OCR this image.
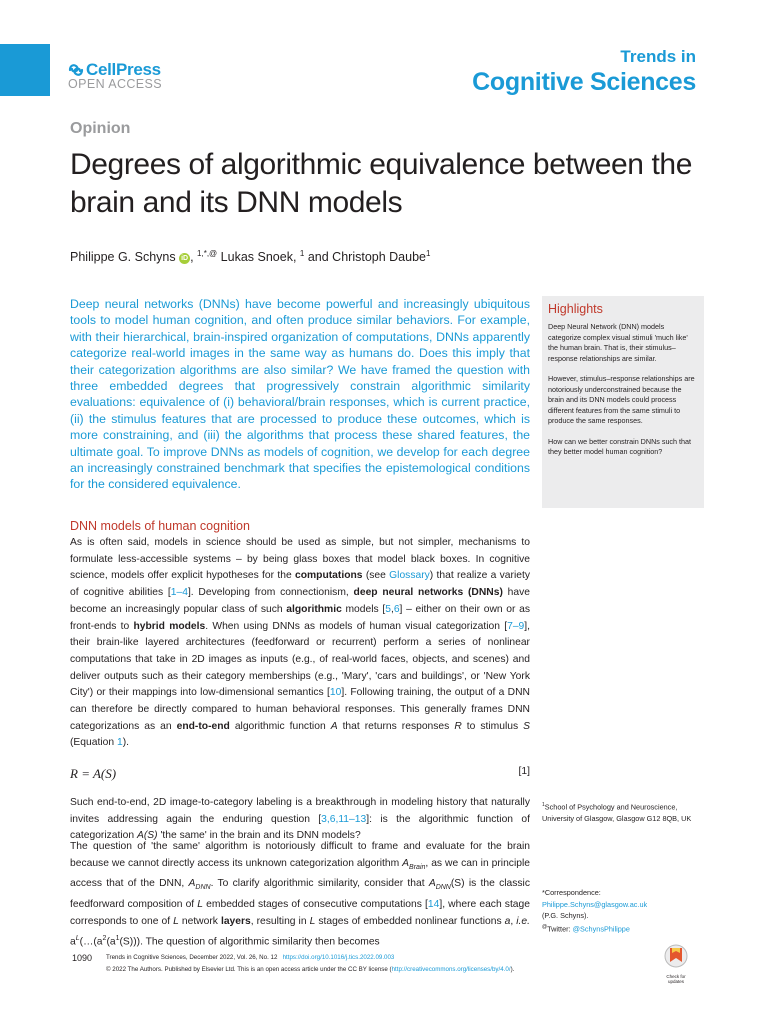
CellPress
OPEN ACCESS
Trends in
Cognitive Sciences
Opinion
Degrees of algorithmic equivalence between the brain and its DNN models
Philippe G. Schyns iD , $^{1,*,@}$ Lukas Snoek, $^1$ and Christoph Daube$^1$
Deep neural networks (DNNs) have become powerful and increasingly ubiquitous tools to model human cognition, and often produce similar behaviors. For example, with their hierarchical, brain-inspired organization of computations, DNNs apparently categorize real-world images in the same way as humans do. Does this imply that their categorization algorithms are also similar? We have framed the question with three embedded degrees that progressively constrain algorithmic similarity evaluations: equivalence of (i) behavioral/brain responses, which is current practice, (ii) the stimulus features that are processed to produce these outcomes, which is more constraining, and (iii) the algorithms that process these shared features, the ultimate goal. To improve DNNs as models of cognition, we develop for each degree an increasingly constrained benchmark that specifies the epistemological conditions for the considered equivalence.
Highlights

Deep Neural Network (DNN) models categorize complex visual stimuli 'much like' the human brain. That is, their stimulus–response relationships are similar.

However, stimulus–response relationships are notoriously underconstrained because the brain and its DNN models could process different features from the same stimuli to produce the same responses.

How can we better constrain DNNs such that they better model human cognition?

DNN models of human cognition
As is often said, models in science should be used as simple, but not simpler, mechanisms to formulate less-accessible systems – by being glass boxes that model black boxes. In cognitive science, models offer explicit hypotheses for the computations (see Glossary) that realize a variety of cognitive abilities [1–4]. Developing from connectionism, deep neural networks (DNNs) have become an increasingly popular class of such algorithmic models [5,6] – either on their own or as front-ends to hybrid models. When using DNNs as models of human visual categorization [7–9], their brain-like layered architectures (feedforward or recurrent) perform a series of nonlinear computations that take in 2D images as inputs (e.g., of real-world faces, objects, and scenes) and deliver outputs such as their category memberships (e.g., 'Mary', 'cars and buildings', or 'New York City') or their mappings into low-dimensional semantics [10]. Following training, the output of a DNN can therefore be directly compared to human behavioral responses. This generally frames DNN categorizations as an end-to-end algorithmic function A that returns responses R to stimulus S (Equation 1).
R = A(S)	[1]
Such end-to-end, 2D image-to-category labeling is a breakthrough in modeling history that naturally invites addressing again the enduring question [3,6,11–13]: is the algorithmic function of categorization A(S) 'the same' in the brain and its DNN models?
The question of 'the same' algorithm is notoriously difficult to frame and evaluate for the brain because we cannot directly access its unknown categorization algorithm $A_{Brain}$, as we can in principle access that of the DNN, $A_{DNN}$. To clarify algorithmic similarity, consider that $A_{DNN}(S)$ is the classic feedforward composition of L embedded stages of consecutive computations [14], where each stage corresponds to one of L network layers, resulting in L stages of embedded nonlinear functions a, i.e. $a^L(\dots(a^2(a^1(S)))$. The question of algorithmic similarity then becomes
$^1$School of Psychology and Neuroscience, University of Glasgow, Glasgow G12 8QB, UK
*Correspondence:
Philippe.Schyns@glasgow.ac.uk
(P.G. Schyns).
@Twitter: @SchynsPhilippe
1090 Trends in Cognitive Sciences, December 2022, Vol. 26, No. 12 https://doi.org/10.1016/j.tics.2022.09.003
© 2022 The Authors. Published by Elsevier Ltd. This is an open access article under the CC BY license (http://creativecommons.org/licenses/by/4.0/).
Check for updates
